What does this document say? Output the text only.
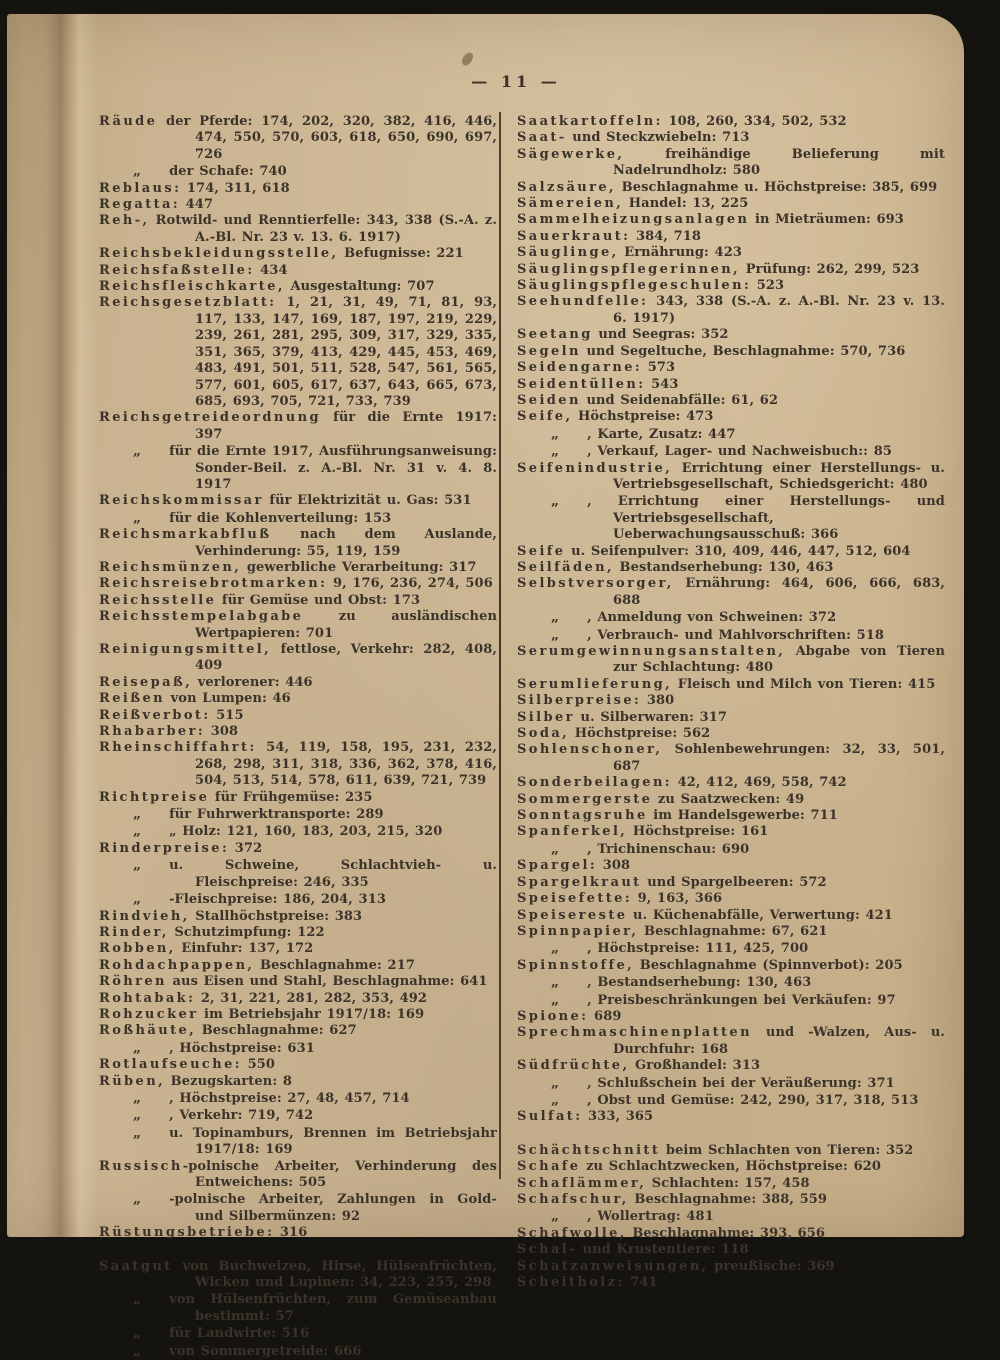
— 11 —

Räude der Pferde: 174, 202, 320, 382, 416, 446, 474, 550, 570, 603, 618, 650, 690, 697, 726

„ der Schafe: 740

Reblaus: 174, 311, 618

Regatta: 447

Reh-, Rotwild- und Renntierfelle: 343, 338 (S.-A. z. A.-Bl. Nr. 23 v. 13. 6. 1917)

Reichsbekleidungsstelle, Befugnisse: 221

Reichsfaßstelle: 434

Reichsfleischkarte, Ausgestaltung: 707

Reichsgesetzblatt: 1, 21, 31, 49, 71, 81, 93, 117, 133, 147, 169, 187, 197, 219, 229, 239, 261, 281, 295, 309, 317, 329, 335, 351, 365, 379, 413, 429, 445, 453, 469, 483, 491, 501, 511, 528, 547, 561, 565, 577, 601, 605, 617, 637, 643, 665, 673, 685, 693, 705, 721, 733, 739

Reichsgetreideordnung für die Ernte 1917: 397

„ für die Ernte 1917, Ausführungsanweisung: Sonder-Beil. z. A.-Bl. Nr. 31 v. 4. 8. 1917

Reichskommissar für Elektrizität u. Gas: 531

„ für die Kohlenverteilung: 153

Reichsmarkabfluß nach dem Auslande, Verhinderung: 55, 119, 159

Reichsmünzen, gewerbliche Verarbeitung: 317

Reichsreisebrotmarken: 9, 176, 236, 274, 506

Reichsstelle für Gemüse und Obst: 173

Reichsstempelabgabe zu ausländischen Wertpapieren: 701

Reinigungsmittel, fettlose, Verkehr: 282, 408, 409

Reisepaß, verlorener: 446

Reißen von Lumpen: 46

Reißverbot: 515

Rhabarber: 308

Rheinschiffahrt: 54, 119, 158, 195, 231, 232, 268, 298, 311, 318, 336, 362, 378, 416, 504, 513, 514, 578, 611, 639, 721, 739

Richtpreise für Frühgemüse: 235

„ für Fuhrwerktransporte: 289

„ „ Holz: 121, 160, 183, 203, 215, 320

Rinderpreise: 372

„ u. Schweine, Schlachtvieh- u. Fleischpreise: 246, 335

„ -Fleischpreise: 186, 204, 313

Rindvieh, Stallhöchstpreise: 383

Rinder, Schutzimpfung: 122

Robben, Einfuhr: 137, 172

Rohdachpappen, Beschlagnahme: 217

Röhren aus Eisen und Stahl, Beschlagnahme: 641

Rohtabak: 2, 31, 221, 281, 282, 353, 492

Rohzucker im Betriebsjahr 1917/18: 169

Roßhäute, Beschlagnahme: 627

„ , Höchstpreise: 631

Rotlaufseuche: 550

Rüben, Bezugskarten: 8

„ , Höchstpreise: 27, 48, 457, 714

„ , Verkehr: 719, 742

„ u. Topinamburs, Brennen im Betriebsjahr 1917/18: 169

Russisch-polnische Arbeiter, Verhinderung des Entweichens: 505

„ -polnische Arbeiter, Zahlungen in Gold- und Silbermünzen: 92

Rüstungsbetriebe: 316

Saatgut von Buchweizen, Hirse, Hülsenfrüchten, Wicken und Lupinen: 34, 223, 255, 298

„ von Hülsenfrüchten, zum Gemüseanbau bestimmt: 57

„ für Landwirte: 516

„ von Sommergetreide: 666

Saatkartoffeln: 108, 260, 334, 502, 532

Saat- und Steckzwiebeln: 713

Sägewerke, freihändige Belieferung mit Nadelrundholz: 580

Salzsäure, Beschlagnahme u. Höchstpreise: 385, 699

Sämereien, Handel: 13, 225

Sammelheizungsanlagen in Mieträumen: 693

Sauerkraut: 384, 718

Säuglinge, Ernährung: 423

Säuglingspflegerinnen, Prüfung: 262, 299, 523

Säuglingspflegeschulen: 523

Seehundfelle: 343, 338 (S.-A. z. A.-Bl. Nr. 23 v. 13. 6. 1917)

Seetang und Seegras: 352

Segeln und Segeltuche, Beschlagnahme: 570, 736

Seidengarne: 573

Seidentüllen: 543

Seiden und Seidenabfälle: 61, 62

Seife, Höchstpreise: 473

„ , Karte, Zusatz: 447

„ , Verkauf, Lager- und Nachweisbuch:: 85

Seifenindustrie, Errichtung einer Herstellungs- u. Vertriebsgesellschaft, Schiedsgericht: 480

„ , Errichtung einer Herstellungs- und Vertriebsgesellschaft, Ueberwachungsausschuß: 366

Seife u. Seifenpulver: 310, 409, 446, 447, 512, 604

Seilfäden, Bestandserhebung: 130, 463

Selbstversorger, Ernährung: 464, 606, 666, 683, 688

„ , Anmeldung von Schweinen: 372

„ , Verbrauch- und Mahlvorschriften: 518

Serumgewinnungsanstalten, Abgabe von Tieren zur Schlachtung: 480

Serumlieferung, Fleisch und Milch von Tieren: 415

Silberpreise: 380

Silber u. Silberwaren: 317

Soda, Höchstpreise: 562

Sohlenschoner, Sohlenbewehrungen: 32, 33, 501, 687

Sonderbeilagen: 42, 412, 469, 558, 742

Sommergerste zu Saatzwecken: 49

Sonntagsruhe im Handelsgewerbe: 711

Spanferkel, Höchstpreise: 161

„ , Trichinenschau: 690

Spargel: 308

Spargelkraut und Spargelbeeren: 572

Speisefette: 9, 163, 366

Speisereste u. Küchenabfälle, Verwertung: 421

Spinnpapier, Beschlagnahme: 67, 621

„ , Höchstpreise: 111, 425, 700

Spinnstoffe, Beschlagnahme (Spinnverbot): 205

„ , Bestandserhebung: 130, 463

„ , Preisbeschränkungen bei Verkäufen: 97

Spione: 689

Sprechmaschinenplatten und -Walzen, Aus- u. Durchfuhr: 168

Südfrüchte, Großhandel: 313

„ , Schlußschein bei der Veräußerung: 371

„ , Obst und Gemüse: 242, 290, 317, 318, 513

Sulfat: 333, 365

Schächtschnitt beim Schlachten von Tieren: 352

Schafe zu Schlachtzwecken, Höchstpreise: 620

Schaflämmer, Schlachten: 157, 458

Schafschur, Beschlagnahme: 388, 559

„ , Wollertrag: 481

Schafwolle, Beschlagnahme: 393, 656

Schal- und Krustentiere: 118

Schatzanweisungen, preußische: 369

Scheitholz: 741
